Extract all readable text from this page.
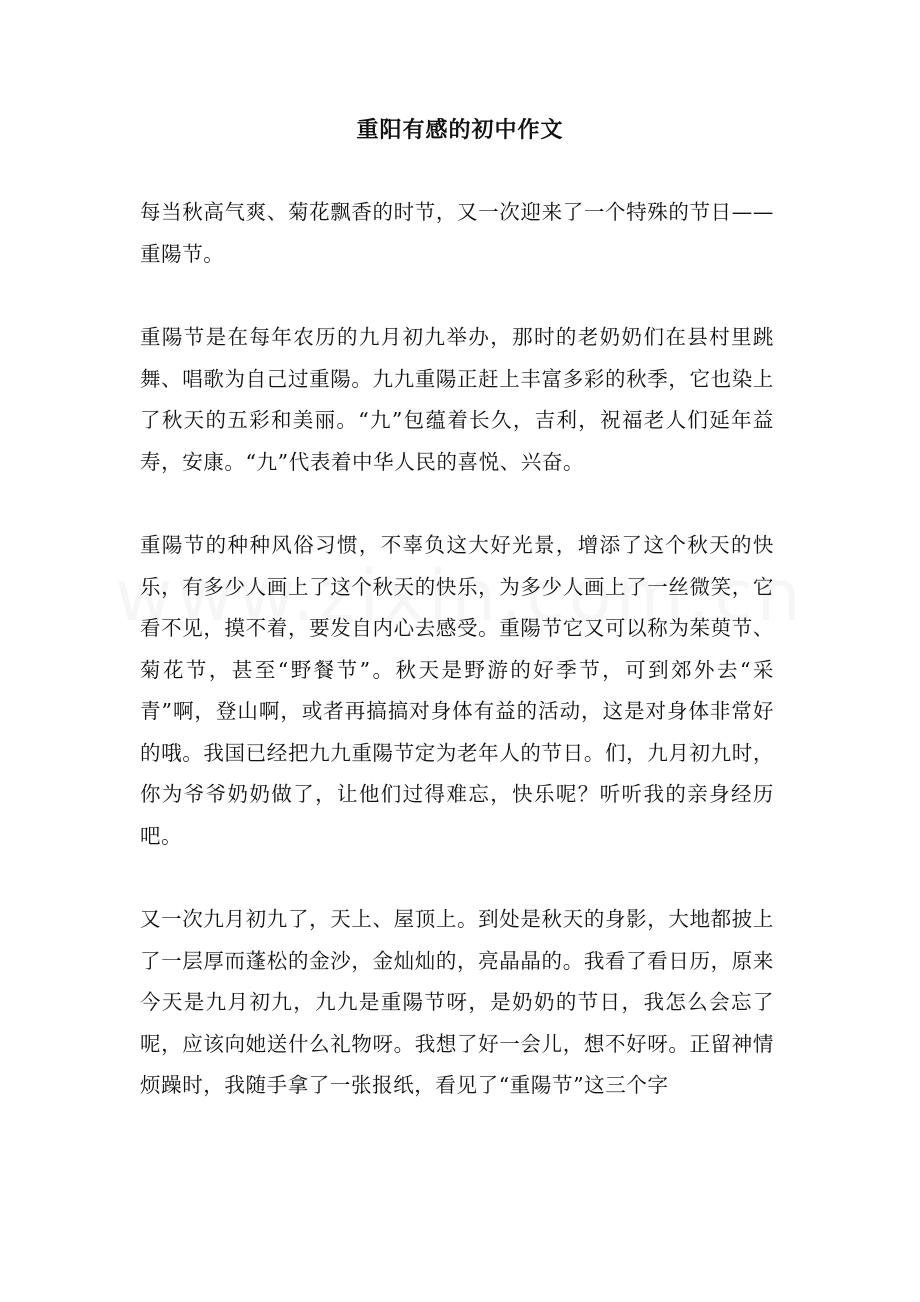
重阳有感的初中作文

每当秋高气爽、菊花飘香的时节，又一次迎来了一个特殊的节日——重陽节。

重陽节是在每年农历的九月初九举办，那时的老奶奶们在县村里跳舞、唱歌为自己过重陽。九九重陽正赶上丰富多彩的秋季，它也染上了秋天的五彩和美丽。“九”包蕴着长久，吉利，祝福老人们延年益寿，安康。“九”代表着中华人民的喜悦、兴奋。

重陽节的种种风俗习惯，不辜负这大好光景，增添了这个秋天的快乐，有多少人画上了这个秋天的快乐，为多少人画上了一丝微笑，它看不见，摸不着，要发自内心去感受。重陽节它又可以称为茱萸节、菊花节，甚至“野餐节”。秋天是野游的好季节，可到郊外去“采青”啊，登山啊，或者再搞搞对身体有益的活动，这是对身体非常好的哦。我国已经把九九重陽节定为老年人的节日。们，九月初九时，你为爷爷奶奶做了，让他们过得难忘，快乐呢？听听我的亲身经历吧。

又一次九月初九了，天上、屋顶上。到处是秋天的身影，大地都披上了一层厚而蓬松的金沙，金灿灿的，亮晶晶的。我看了看日历，原来今天是九月初九，九九是重陽节呀，是奶奶的节日，我怎么会忘了呢，应该向她送什么礼物呀。我想了好一会儿，想不好呀。正留神情烦躁时，我随手拿了一张报纸，看见了“重陽节”这三个字
